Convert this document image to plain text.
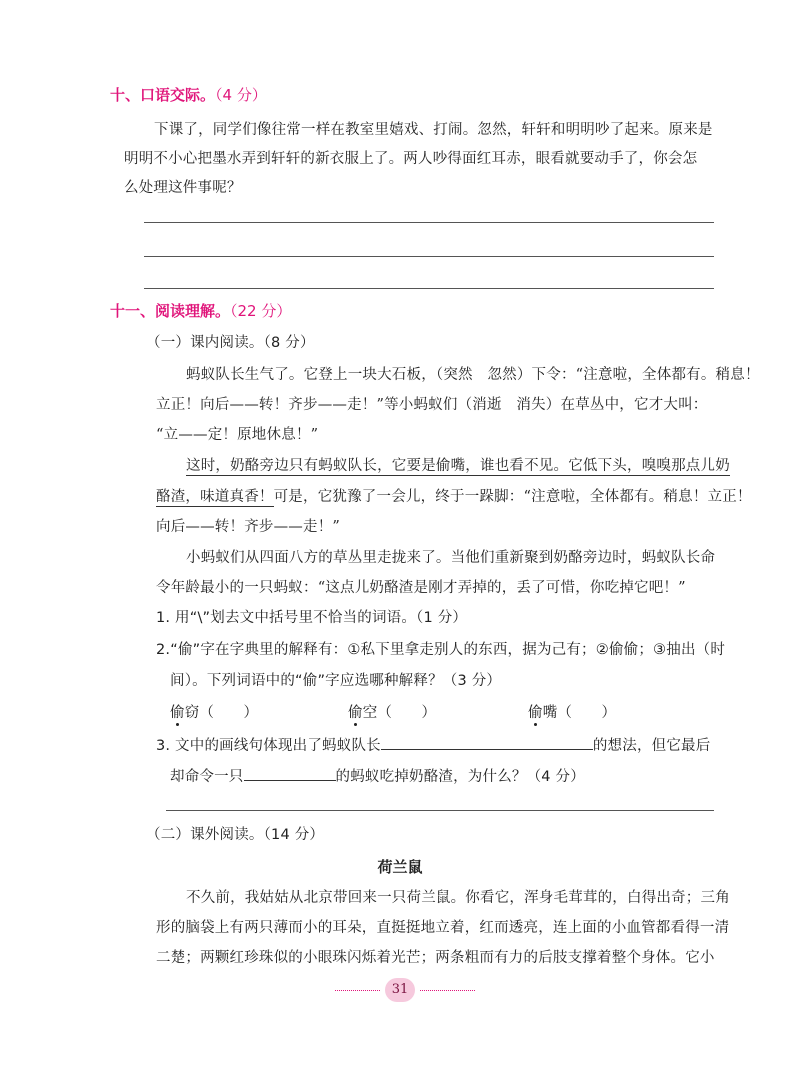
十、口语交际。（4 分）
下课了，同学们像往常一样在教室里嬉戏、打闹。忽然，轩轩和明明吵了起来。原来是
明明不小心把墨水弄到轩轩的新衣服上了。两人吵得面红耳赤，眼看就要动手了，你会怎
么处理这件事呢？
十一、阅读理解。（22 分）
（一）课内阅读。（8 分）
蚂蚁队长生气了。它登上一块大石板，（突然　忽然）下令：“注意啦，全体都有。稍息！
立正！向后——转！齐步——走！”等小蚂蚁们（消逝　消失）在草丛中，它才大叫：
“立——定！原地休息！”
这时，奶酪旁边只有蚂蚁队长，它要是偷嘴，谁也看不见。它低下头，嗅嗅那点儿奶
酪渣，味道真香！可是，它犹豫了一会儿，终于一跺脚：“注意啦，全体都有。稍息！立正！
向后——转！齐步——走！”
小蚂蚁们从四面八方的草丛里走拢来了。当他们重新聚到奶酪旁边时，蚂蚁队长命
令年龄最小的一只蚂蚁：“这点儿奶酪渣是刚才弄掉的，丢了可惜，你吃掉它吧！”
1. 用“\”划去文中括号里不恰当的词语。（1 分）
2.“偷”字在字典里的解释有：①私下里拿走别人的东西，据为己有；②偷偷；③抽出（时
间）。下列词语中的“偷”字应选哪种解释？（3 分）
偷窃（　　）	偷空（　　）	偷嘴（　　）
3. 文中的画线句体现出了蚂蚁队长	的想法，但它最后
却命令一只	的蚂蚁吃掉奶酪渣，为什么？（4 分）
（二）课外阅读。（14 分）
荷兰鼠
不久前，我姑姑从北京带回来一只荷兰鼠。你看它，浑身毛茸茸的，白得出奇；三角
形的脑袋上有两只薄而小的耳朵，直挺挺地立着，红而透亮，连上面的小血管都看得一清
二楚；两颗红珍珠似的小眼珠闪烁着光芒；两条粗而有力的后肢支撑着整个身体。它小
31
